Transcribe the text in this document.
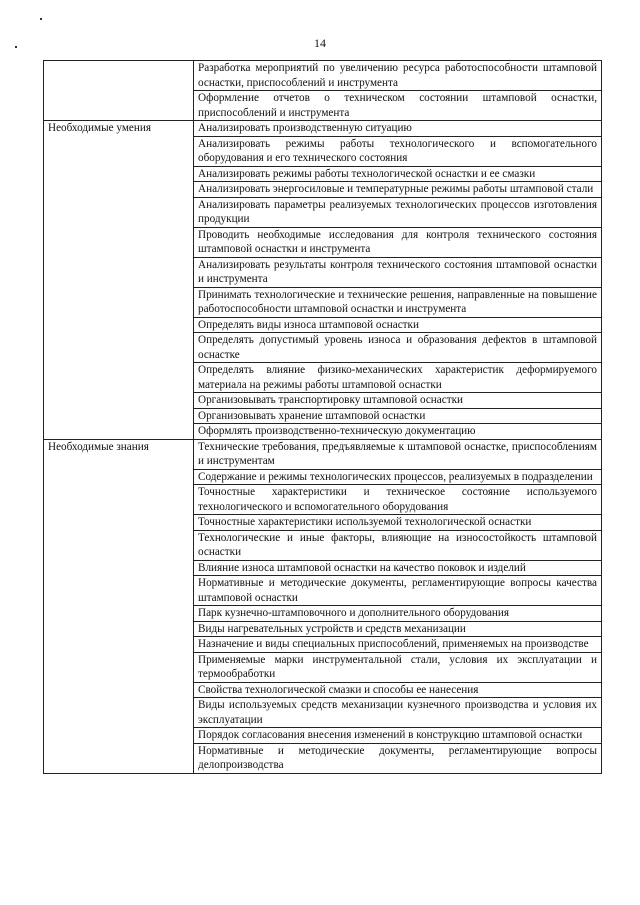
14
	Разработка мероприятий по увеличению ресурса работоспособности штамповой оснастки, приспособлений и инструмента
	Оформление отчетов о техническом состоянии штамповой оснастки, приспособлений и инструмента
Необходимые умения	Анализировать производственную ситуацию
	Анализировать режимы работы технологического и вспомогательного оборудования и его технического состояния
	Анализировать режимы работы технологической оснастки и ее смазки
	Анализировать энергосиловые и температурные режимы работы штамповой стали
	Анализировать параметры реализуемых технологических процессов изготовления продукции
	Проводить необходимые исследования для контроля технического состояния штамповой оснастки и инструмента
	Анализировать результаты контроля технического состояния штамповой оснастки и инструмента
	Принимать технологические и технические решения, направленные на повышение работоспособности штамповой оснастки и инструмента
	Определять виды износа штамповой оснастки
	Определять допустимый уровень износа и образования дефектов в штамповой оснастке
	Определять влияние физико-механических характеристик деформируемого материала на режимы работы штамповой оснастки
	Организовывать транспортировку штамповой оснастки
	Организовывать хранение штамповой оснастки
	Оформлять производственно-техническую документацию
Необходимые знания	Технические требования, предъявляемые к штамповой оснастке, приспособлениям и инструментам
	Содержание и режимы технологических процессов, реализуемых в подразделении
	Точностные характеристики и техническое состояние используемого технологического и вспомогательного оборудования
	Точностные характеристики используемой технологической оснастки
	Технологические и иные факторы, влияющие на износостойкость штамповой оснастки
	Влияние износа штамповой оснастки на качество поковок и изделий
	Нормативные и методические документы, регламентирующие вопросы качества штамповой оснастки
	Парк кузнечно-штамповочного и дополнительного оборудования
	Виды нагревательных устройств и средств механизации
	Назначение и виды специальных приспособлений, применяемых на производстве
	Применяемые марки инструментальной стали, условия их эксплуатации и термообработки
	Свойства технологической смазки и способы ее нанесения
	Виды используемых средств механизации кузнечного производства и условия их эксплуатации
	Порядок согласования внесения изменений в конструкцию штамповой оснастки
	Нормативные и методические документы, регламентирующие вопросы делопроизводства
